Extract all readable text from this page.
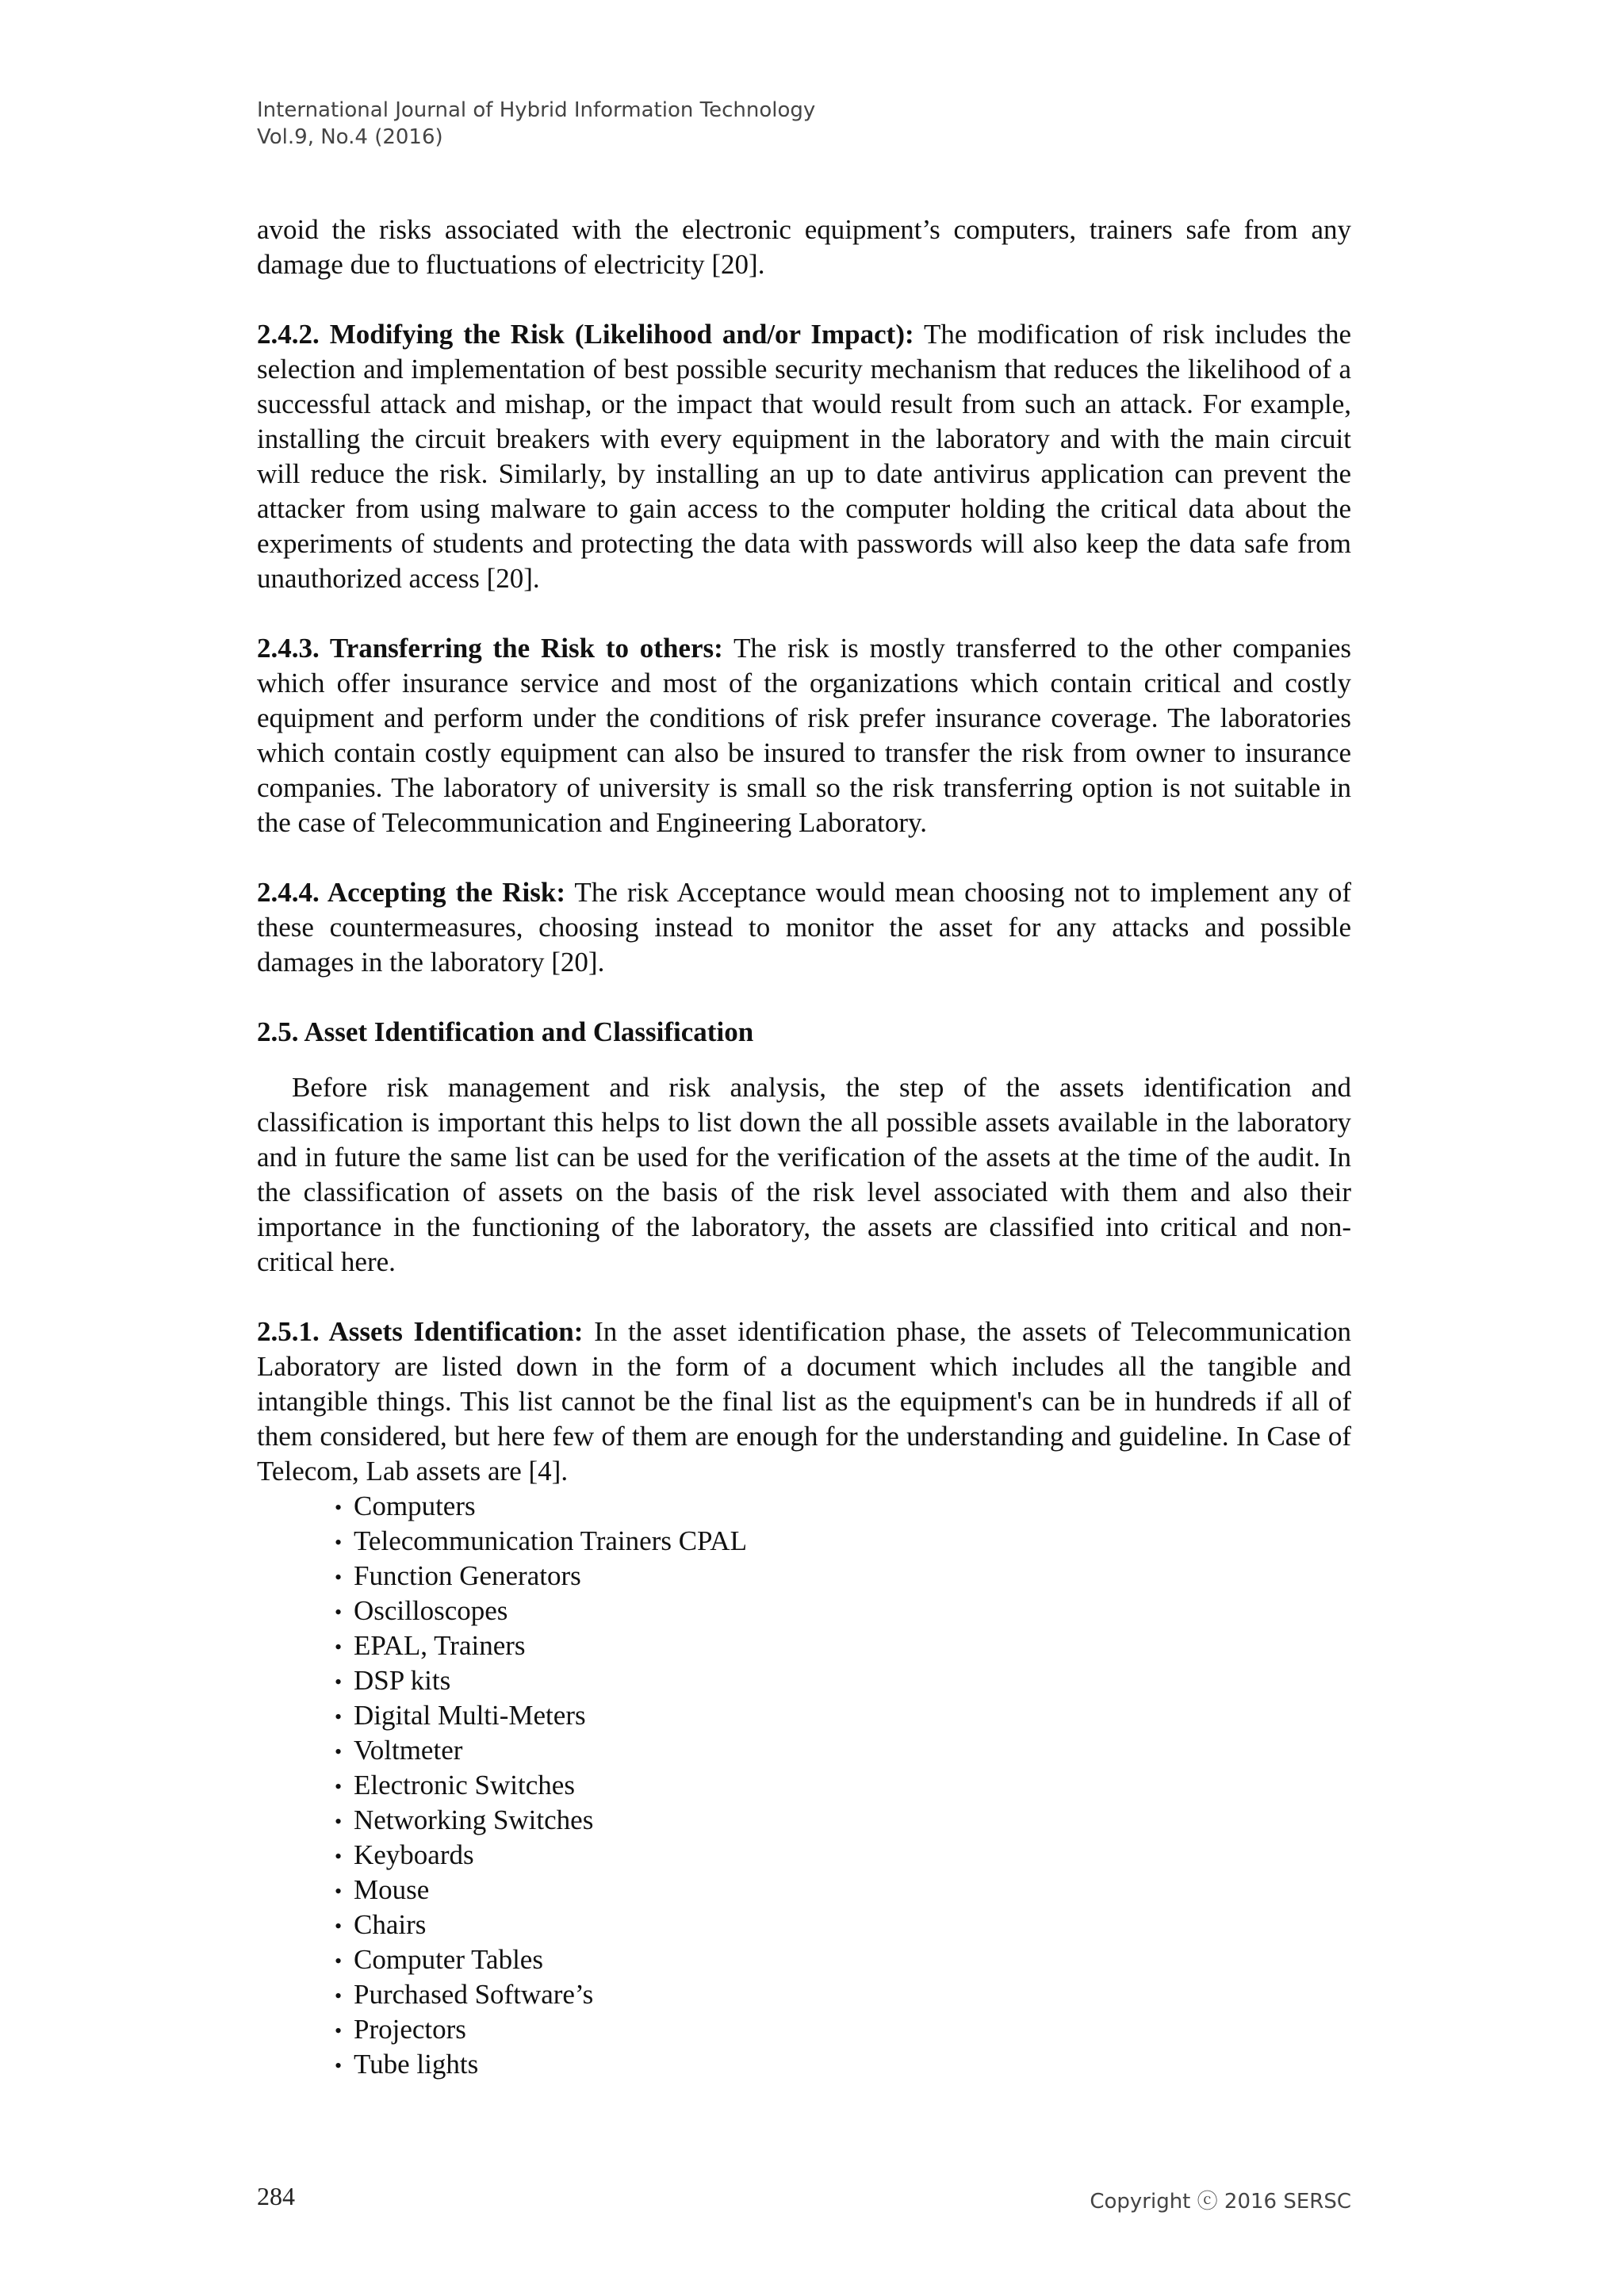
International Journal of Hybrid Information Technology
Vol.9, No.4 (2016)

avoid the risks associated with the electronic equipment’s computers, trainers safe from any damage due to fluctuations of electricity [20].

2.4.2. Modifying the Risk (Likelihood and/or Impact): The modification of risk includes the selection and implementation of best possible security mechanism that reduces the likelihood of a successful attack and mishap, or the impact that would result from such an attack. For example, installing the circuit breakers with every equipment in the laboratory and with the main circuit will reduce the risk. Similarly, by installing an up to date antivirus application can prevent the attacker from using malware to gain access to the computer holding the critical data about the experiments of students and protecting the data with passwords will also keep the data safe from unauthorized access [20].

2.4.3. Transferring the Risk to others: The risk is mostly transferred to the other companies which offer insurance service and most of the organizations which contain critical and costly equipment and perform under the conditions of risk prefer insurance coverage. The laboratories which contain costly equipment can also be insured to transfer the risk from owner to insurance companies. The laboratory of university is small so the risk transferring option is not suitable in the case of Telecommunication and Engineering Laboratory.

2.4.4. Accepting the Risk: The risk Acceptance would mean choosing not to implement any of these countermeasures, choosing instead to monitor the asset for any attacks and possible damages in the laboratory [20].

2.5. Asset Identification and Classification

Before risk management and risk analysis, the step of the assets identification and classification is important this helps to list down the all possible assets available in the laboratory and in future the same list can be used for the verification of the assets at the time of the audit. In the classification of assets on the basis of the risk level associated with them and also their importance in the functioning of the laboratory, the assets are classified into critical and non-critical here.

2.5.1. Assets Identification: In the asset identification phase, the assets of Telecommunication Laboratory are listed down in the form of a document which includes all the tangible and intangible things. This list cannot be the final list as the equipment's can be in hundreds if all of them considered, but here few of them are enough for the understanding and guideline. In Case of Telecom, Lab assets are [4].

• Computers
• Telecommunication Trainers CPAL
• Function Generators
• Oscilloscopes
• EPAL, Trainers
• DSP kits
• Digital Multi-Meters
• Voltmeter
• Electronic Switches
• Networking Switches
• Keyboards
• Mouse
• Chairs
• Computer Tables
• Purchased Software’s
• Projectors
• Tube lights
284	Copyright ⓒ 2016 SERSC
